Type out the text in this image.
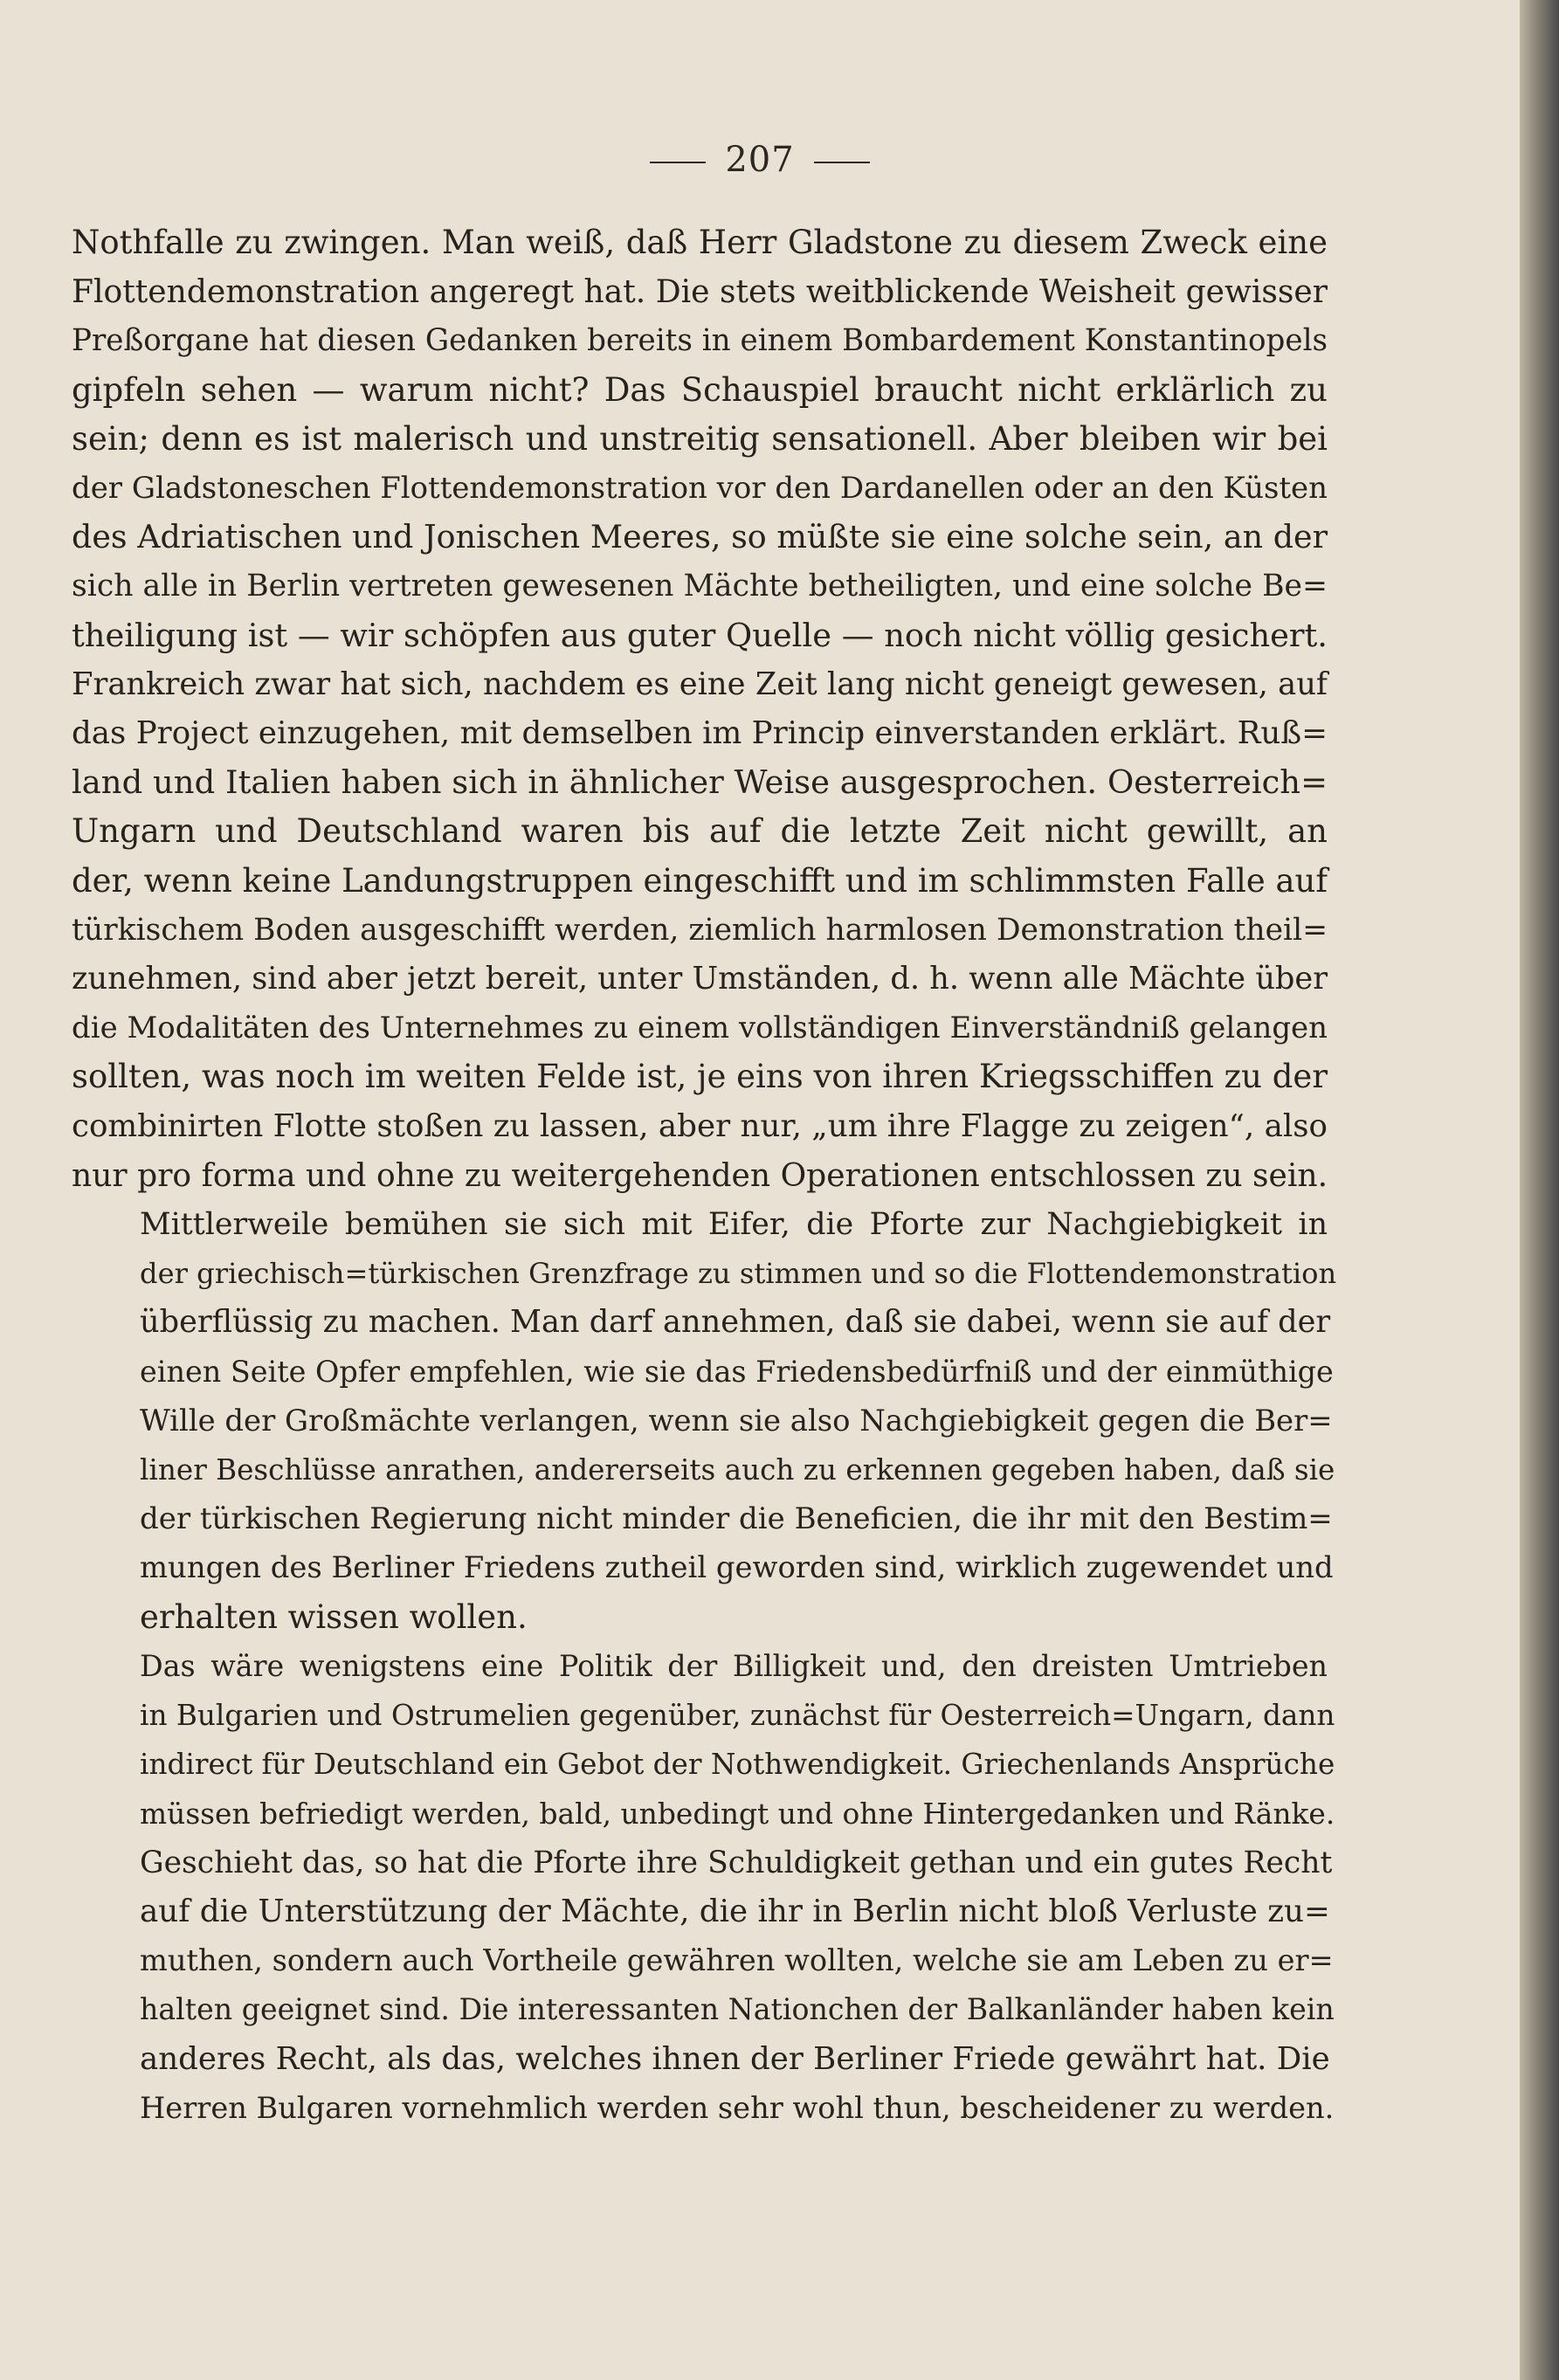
207

Nothfalle zu zwingen. Man weiß, daß Herr Gladstone zu diesem Zweck eine
Flottendemonstration angeregt hat. Die stets weitblickende Weisheit gewisser
Preßorgane hat diesen Gedanken bereits in einem Bombardement Konstantinopels
gipfeln sehen — warum nicht? Das Schauspiel braucht nicht erklärlich zu
sein; denn es ist malerisch und unstreitig sensationell. Aber bleiben wir bei
der Gladstoneschen Flottendemonstration vor den Dardanellen oder an den Küsten
des Adriatischen und Jonischen Meeres, so müßte sie eine solche sein, an der
sich alle in Berlin vertreten gewesenen Mächte betheiligten, und eine solche Be=
theiligung ist — wir schöpfen aus guter Quelle — noch nicht völlig gesichert.
Frankreich zwar hat sich, nachdem es eine Zeit lang nicht geneigt gewesen, auf
das Project einzugehen, mit demselben im Princip einverstanden erklärt. Ruß=
land und Italien haben sich in ähnlicher Weise ausgesprochen. Oesterreich=
Ungarn und Deutschland waren bis auf die letzte Zeit nicht gewillt, an
der, wenn keine Landungstruppen eingeschifft und im schlimmsten Falle auf
türkischem Boden ausgeschifft werden, ziemlich harmlosen Demonstration theil=
zunehmen, sind aber jetzt bereit, unter Umständen, d. h. wenn alle Mächte über
die Modalitäten des Unternehmes zu einem vollständigen Einverständniß gelangen
sollten, was noch im weiten Felde ist, je eins von ihren Kriegsschiffen zu der
combinirten Flotte stoßen zu lassen, aber nur, „um ihre Flagge zu zeigen“, also
nur pro forma und ohne zu weitergehenden Operationen entschlossen zu sein.

Mittlerweile bemühen sie sich mit Eifer, die Pforte zur Nachgiebigkeit in
der griechisch=türkischen Grenzfrage zu stimmen und so die Flottendemonstration
überflüssig zu machen. Man darf annehmen, daß sie dabei, wenn sie auf der
einen Seite Opfer empfehlen, wie sie das Friedensbedürfniß und der einmüthige
Wille der Großmächte verlangen, wenn sie also Nachgiebigkeit gegen die Ber=
liner Beschlüsse anrathen, andererseits auch zu erkennen gegeben haben, daß sie
der türkischen Regierung nicht minder die Beneficien, die ihr mit den Bestim=
mungen des Berliner Friedens zutheil geworden sind, wirklich zugewendet und
erhalten wissen wollen.

Das wäre wenigstens eine Politik der Billigkeit und, den dreisten Umtrieben
in Bulgarien und Ostrumelien gegenüber, zunächst für Oesterreich=Ungarn, dann
indirect für Deutschland ein Gebot der Nothwendigkeit. Griechenlands Ansprüche
müssen befriedigt werden, bald, unbedingt und ohne Hintergedanken und Ränke.
Geschieht das, so hat die Pforte ihre Schuldigkeit gethan und ein gutes Recht
auf die Unterstützung der Mächte, die ihr in Berlin nicht bloß Verluste zu=
muthen, sondern auch Vortheile gewähren wollten, welche sie am Leben zu er=
halten geeignet sind. Die interessanten Nationchen der Balkanländer haben kein
anderes Recht, als das, welches ihnen der Berliner Friede gewährt hat. Die
Herren Bulgaren vornehmlich werden sehr wohl thun, bescheidener zu werden.
